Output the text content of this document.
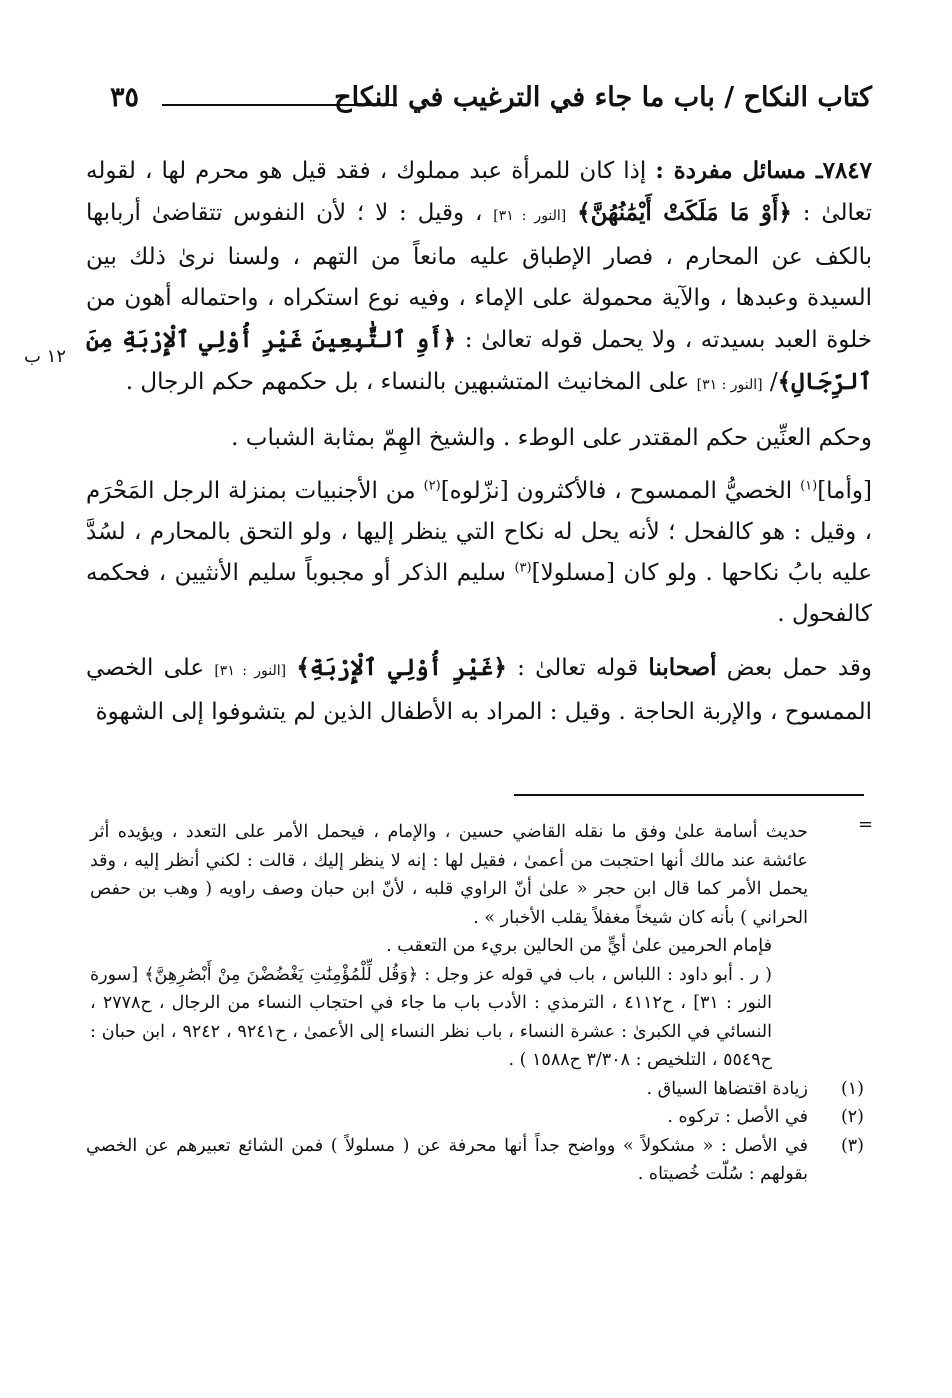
كتاب النكاح / باب ما جاء في الترغيب في النكاح
٣٥
١٢ ب

٧٨٤٧ـ مسائل مفردة : إذا كان للمرأة عبد مملوك ، فقد قيل هو محرم لها ، لقوله تعالىٰ : ﴿أَوْ مَا مَلَكَتْ أَيْمَٰنُهُنَّ﴾ [النور : ٣١] ، وقيل : لا ؛ لأن النفوس تتقاضىٰ أربابها بالكف عن المحارم ، فصار الإطباق عليه مانعاً من التهم ، ولسنا نرىٰ ذلك بين السيدة وعبدها ، والآية محمولة على الإماء ، وفيه نوع استكراه ، واحتماله أهون من خلوة العبد بسيدته ، ولا يحمل قوله تعالىٰ : ﴿أَوِ ٱلتَّٰبِعِينَ غَيْرِ أُوْلِي ٱلْإِرْبَةِ مِنَ ٱلرِّجَالِ﴾/ [النور : ٣١] على المخانيث المتشبهين بالنساء ، بل حكمهم حكم الرجال .

وحكم العنِّين حكم المقتدر على الوطء . والشيخ الهِمّ بمثابة الشباب .

[وأما]$^{(١)}$ الخصيُّ الممسوح ، فالأكثرون [نزّلوه]$^{(٢)}$ من الأجنبيات بمنزلة الرجل المَحْرَم ، وقيل : هو كالفحل ؛ لأنه يحل له نكاح التي ينظر إليها ، ولو التحق بالمحارم ، لسُدَّ عليه بابُ نكاحها . ولو كان [مسلولا]$^{(٣)}$ سليم الذكر أو مجبوباً سليم الأنثيين ، فحكمه كالفحول .

وقد حمل بعض أصحابنا قوله تعالىٰ : ﴿غَيْرِ أُوْلِي ٱلْإِرْبَةِ﴾ [النور : ٣١] على الخصي الممسوح ، والإربة الحاجة . وقيل : المراد به الأطفال الذين لم يتشوفوا إلى الشهوة

=

حديث أسامة علىٰ وفق ما نقله القاضي حسين ، والإمام ، فيحمل الأمر على التعدد ، ويؤيده أثر عائشة عند مالك أنها احتجبت من أعمىٰ ، فقيل لها : إنه لا ينظر إليك ، قالت : لكني أنظر إليه ، وقد يحمل الأمر كما قال ابن حجر « علىٰ أنّ الراوي قلبه ، لأنّ ابن حبان وصف راويه ( وهب بن حفص الحراني ) بأنه كان شيخاً مغفلاً يقلب الأخبار » .

فإمام الحرمين علىٰ أيٍّ من الحالين بريء من التعقب .

( ر . أبو داود : اللباس ، باب في قوله عز وجل : ﴿وَقُل لِّلْمُؤْمِنَٰتِ يَغْضُضْنَ مِنْ أَبْصَٰرِهِنَّ﴾ [سورة النور : ٣١] ، ح٤١١٢ ، الترمذي : الأدب باب ما جاء في احتجاب النساء من الرجال ، ح٢٧٧٨ ، النسائي في الكبرىٰ : عشرة النساء ، باب نظر النساء إلى الأعمىٰ ، ح٩٢٤١ ، ٩٢٤٢ ، ابن حبان : ح٥٥٤٩ ، التلخيص : ٣/٣٠٨ ح١٥٨٨ ) .

(١)
زيادة اقتضاها السياق .
(٢)
في الأصل : تركوه .
(٣)
في الأصل : « مشكولاً » وواضح جداً أنها محرفة عن ( مسلولاً ) فمن الشائع تعبيرهم عن الخصي بقولهم : سُلّت خُصيتاه .
